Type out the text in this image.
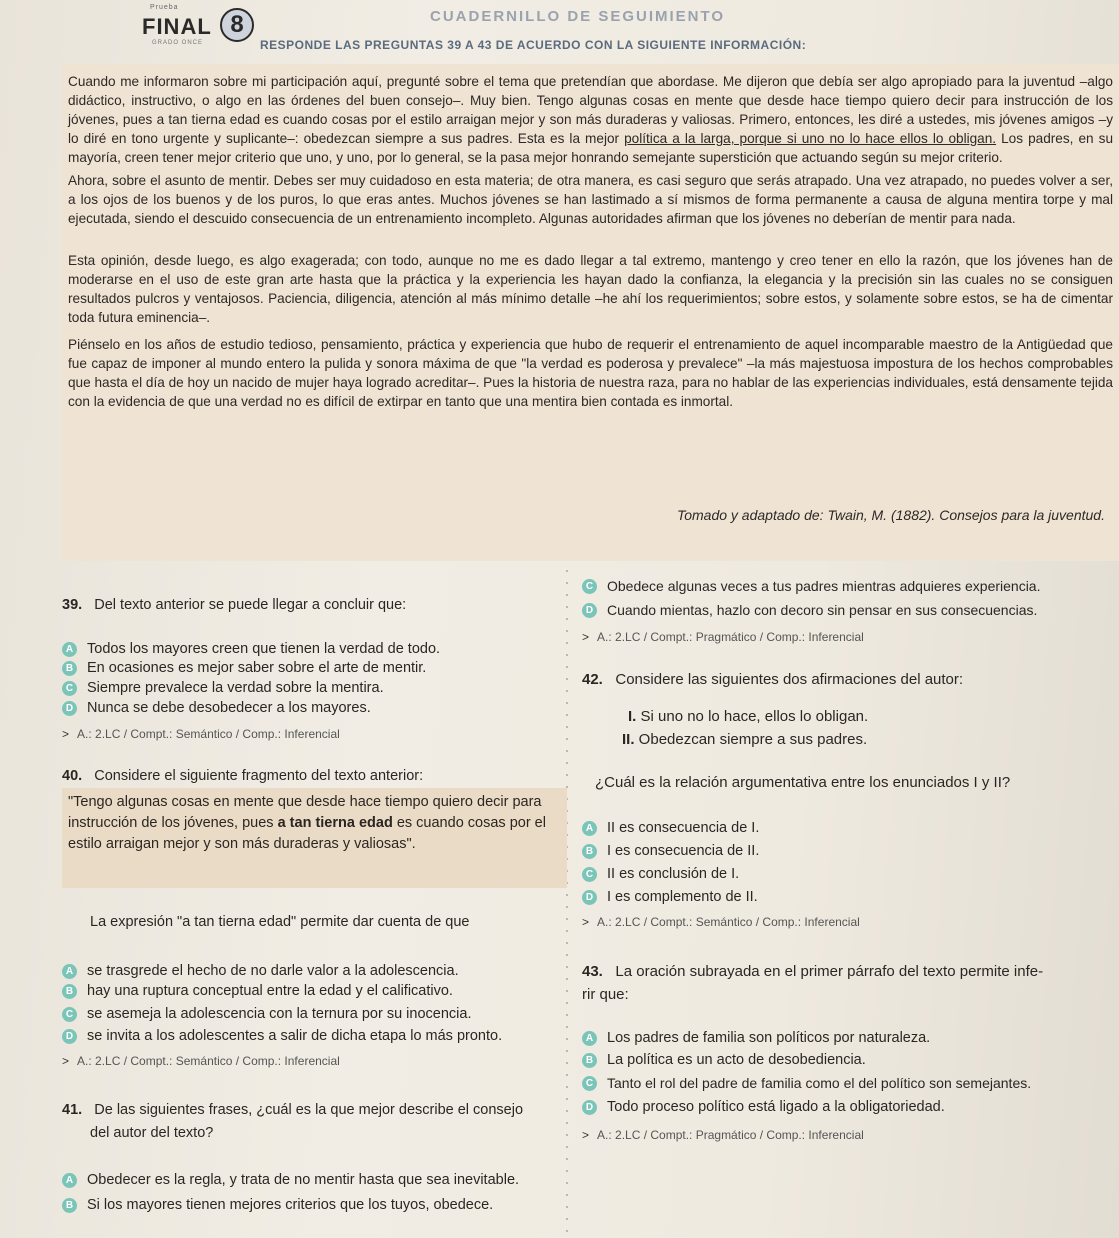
Prueba
FINAL 8
GRADO ONCE
CUADERNILLO DE SEGUIMIENTO
RESPONDE LAS PREGUNTAS 39 A 43 DE ACUERDO CON LA SIGUIENTE INFORMACIÓN:

Cuando me informaron sobre mi participación aquí, pregunté sobre el tema que pretendían que abordase. Me dijeron que debía ser algo apropiado para la juventud –algo didáctico, instructivo, o algo en las órdenes del buen consejo–. Muy bien. Tengo algunas cosas en mente que desde hace tiempo quiero decir para instrucción de los jóvenes, pues a tan tierna edad es cuando cosas por el estilo arraigan mejor y son más duraderas y valiosas. Primero, entonces, les diré a ustedes, mis jóvenes amigos –y lo diré en tono urgente y suplicante–: obedezcan siempre a sus padres. Esta es la mejor política a la larga, porque si uno no lo hace ellos lo obligan. Los padres, en su mayoría, creen tener mejor criterio que uno, y uno, por lo general, se la pasa mejor honrando semejante superstición que actuando según su mejor criterio.

Ahora, sobre el asunto de mentir. Debes ser muy cuidadoso en esta materia; de otra manera, es casi seguro que serás atrapado. Una vez atrapado, no puedes volver a ser, a los ojos de los buenos y de los puros, lo que eras antes. Muchos jóvenes se han lastimado a sí mismos de forma permanente a causa de alguna mentira torpe y mal ejecutada, siendo el descuido consecuencia de un entrenamiento incompleto. Algunas autoridades afirman que los jóvenes no deberían de mentir para nada.

Esta opinión, desde luego, es algo exagerada; con todo, aunque no me es dado llegar a tal extremo, mantengo y creo tener en ello la razón, que los jóvenes han de moderarse en el uso de este gran arte hasta que la práctica y la experiencia les hayan dado la confianza, la elegancia y la precisión sin las cuales no se consiguen resultados pulcros y ventajosos. Paciencia, diligencia, atención al más mínimo detalle –he ahí los requerimientos; sobre estos, y solamente sobre estos, se ha de cimentar toda futura eminencia–.

Piénselo en los años de estudio tedioso, pensamiento, práctica y experiencia que hubo de requerir el entrenamiento de aquel incomparable maestro de la Antigüedad que fue capaz de imponer al mundo entero la pulida y sonora máxima de que "la verdad es poderosa y prevalece" –la más majestuosa impostura de los hechos comprobables que hasta el día de hoy un nacido de mujer haya logrado acreditar–. Pues la historia de nuestra raza, para no hablar de las experiencias individuales, está densamente tejida con la evidencia de que una verdad no es difícil de extirpar en tanto que una mentira bien contada es inmortal.

Tomado y adaptado de: Twain, M. (1882). Consejos para la juventud.
39. Del texto anterior se puede llegar a concluir que:
A Todos los mayores creen que tienen la verdad de todo.
B En ocasiones es mejor saber sobre el arte de mentir.
C Siempre prevalece la verdad sobre la mentira.
D Nunca se debe desobedecer a los mayores.
> A.: 2.LC / Compt.: Semántico / Comp.: Inferencial
40. Considere el siguiente fragmento del texto anterior:
"Tengo algunas cosas en mente que desde hace tiempo quiero decir para instrucción de los jóvenes, pues a tan tierna edad es cuando cosas por el estilo arraigan mejor y son más duraderas y valiosas".
La expresión "a tan tierna edad" permite dar cuenta de que
A se trasgrede el hecho de no darle valor a la adolescencia.
B hay una ruptura conceptual entre la edad y el calificativo.
C se asemeja la adolescencia con la ternura por su inocencia.
D se invita a los adolescentes a salir de dicha etapa lo más pronto.
> A.: 2.LC / Compt.: Semántico / Comp.: Inferencial
41. De las siguientes frases, ¿cuál es la que mejor describe el consejo
del autor del texto?
A Obedecer es la regla, y trata de no mentir hasta que sea inevitable.
B Si los mayores tienen mejores criterios que los tuyos, obedece.
C Obedece algunas veces a tus padres mientras adquieres experiencia.
D Cuando mientas, hazlo con decoro sin pensar en sus consecuencias.
> A.: 2.LC / Compt.: Pragmático / Comp.: Inferencial
42. Considere las siguientes dos afirmaciones del autor:
I. Si uno no lo hace, ellos lo obligan.
II. Obedezcan siempre a sus padres.
¿Cuál es la relación argumentativa entre los enunciados I y II?
A II es consecuencia de I.
B I es consecuencia de II.
C II es conclusión de I.
D I es complemento de II.
> A.: 2.LC / Compt.: Semántico / Comp.: Inferencial
43. La oración subrayada en el primer párrafo del texto permite infe-
rir que:
A Los padres de familia son políticos por naturaleza.
B La política es un acto de desobediencia.
C Tanto el rol del padre de familia como el del político son semejantes.
D Todo proceso político está ligado a la obligatoriedad.
> A.: 2.LC / Compt.: Pragmático / Comp.: Inferencial
